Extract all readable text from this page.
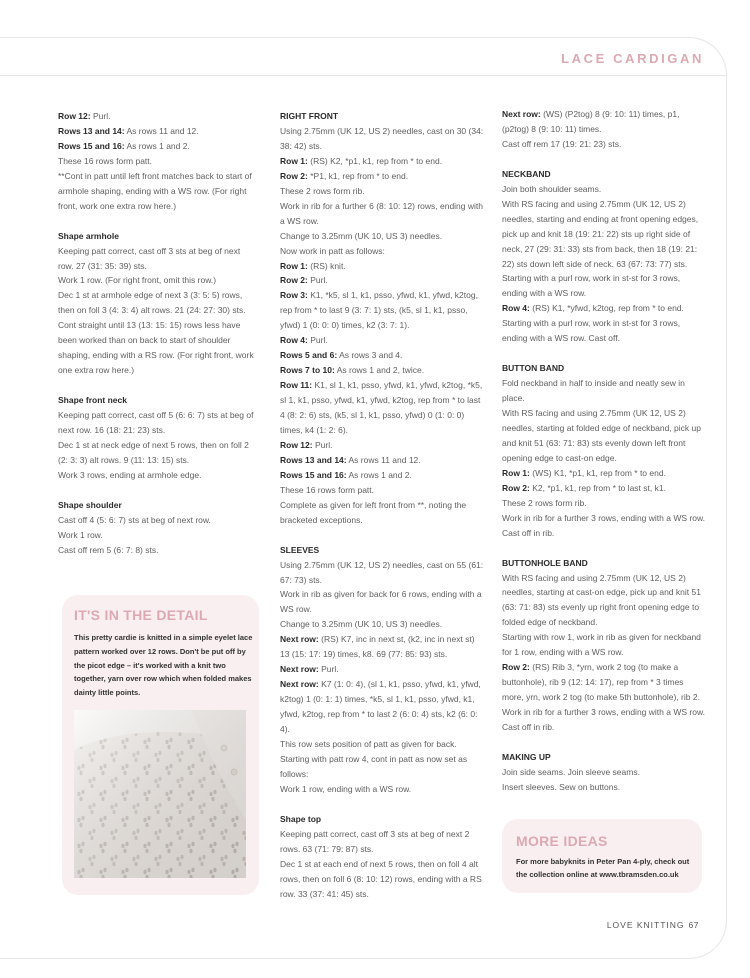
LACE CARDIGAN

Row 12: Purl.

Rows 13 and 14: As rows 11 and 12.

Rows 15 and 16: As rows 1 and 2.

These 16 rows form patt.

**Cont in patt until left front matches back to start of armhole shaping, ending with a WS row. (For right front, work one extra row here.)

Shape armhole

Keeping patt correct, cast off 3 sts at beg of next row. 27 (31: 35: 39) sts.

Work 1 row. (For right front, omit this row.)

Dec 1 st at armhole edge of next 3 (3: 5: 5) rows, then on foll 3 (4: 3: 4) alt rows. 21 (24: 27: 30) sts.

Cont straight until 13 (13: 15: 15) rows less have been worked than on back to start of shoulder shaping, ending with a RS row. (For right front, work one extra row here.)

Shape front neck

Keeping patt correct, cast off 5 (6: 6: 7) sts at beg of next row. 16 (18: 21: 23) sts.

Dec 1 st at neck edge of next 5 rows, then on foll 2 (2: 3: 3) alt rows. 9 (11: 13: 15) sts.

Work 3 rows, ending at armhole edge.

Shape shoulder

Cast off 4 (5: 6: 7) sts at beg of next row.

Work 1 row.

Cast off rem 5 (6: 7: 8) sts.

RIGHT FRONT

Using 2.75mm (UK 12, US 2) needles, cast on 30 (34: 38: 42) sts.

Row 1: (RS) K2, *p1, k1, rep from * to end.

Row 2: *P1, k1, rep from * to end.

These 2 rows form rib.

Work in rib for a further 6 (8: 10: 12) rows, ending with a WS row.

Change to 3.25mm (UK 10, US 3) needles.

Now work in patt as follows:

Row 1: (RS) knit.

Row 2: Purl.

Row 3: K1, *k5, sl 1, k1, psso, yfwd, k1, yfwd, k2tog, rep from * to last 9 (3: 7: 1) sts, (k5, sl 1, k1, psso, yfwd) 1 (0: 0: 0) times, k2 (3: 7: 1).

Row 4: Purl.

Rows 5 and 6: As rows 3 and 4.

Rows 7 to 10: As rows 1 and 2, twice.

Row 11: K1, sl 1, k1, psso, yfwd, k1, yfwd, k2tog, *k5, sl 1, k1, psso, yfwd, k1, yfwd, k2tog, rep from * to last 4 (8: 2: 6) sts, (k5, sl 1, k1, psso, yfwd) 0 (1: 0: 0) times, k4 (1: 2: 6).

Row 12: Purl.

Rows 13 and 14: As rows 11 and 12.

Rows 15 and 16: As rows 1 and 2.

These 16 rows form patt.

Complete as given for left front from **, noting the bracketed exceptions.

SLEEVES

Using 2.75mm (UK 12, US 2) needles, cast on 55 (61: 67: 73) sts.

Work in rib as given for back for 6 rows, ending with a WS row.

Change to 3.25mm (UK 10, US 3) needles.

Next row: (RS) K7, inc in next st, (k2, inc in next st) 13 (15: 17: 19) times, k8. 69 (77: 85: 93) sts.

Next row: Purl.

Next row: K7 (1: 0: 4), (sl 1, k1, psso, yfwd, k1, yfwd, k2tog) 1 (0: 1: 1) times, *k5, sl 1, k1, psso, yfwd, k1, yfwd, k2tog, rep from * to last 2 (6: 0: 4) sts, k2 (6: 0: 4).

This row sets position of patt as given for back. Starting with patt row 4, cont in patt as now set as follows:

Work 1 row, ending with a WS row.

Shape top

Keeping patt correct, cast off 3 sts at beg of next 2 rows. 63 (71: 79: 87) sts.

Dec 1 st at each end of next 5 rows, then on foll 4 alt rows, then on foll 6 (8: 10: 12) rows, ending with a RS row. 33 (37: 41: 45) sts.

Next row: (WS) (P2tog) 8 (9: 10: 11) times, p1, (p2tog) 8 (9: 10: 11) times.

Cast off rem 17 (19: 21: 23) sts.

NECKBAND

Join both shoulder seams.

With RS facing and using 2.75mm (UK 12, US 2) needles, starting and ending at front opening edges, pick up and knit 18 (19: 21: 22) sts up right side of neck, 27 (29: 31: 33) sts from back, then 18 (19: 21: 22) sts down left side of neck. 63 (67: 73: 77) sts.

Starting with a purl row, work in st-st for 3 rows, ending with a WS row.

Row 4: (RS) K1, *yfwd, k2tog, rep from * to end.

Starting with a purl row, work in st-st for 3 rows, ending with a WS row. Cast off.

BUTTON BAND

Fold neckband in half to inside and neatly sew in place.

With RS facing and using 2.75mm (UK 12, US 2) needles, starting at folded edge of neckband, pick up and knit 51 (63: 71: 83) sts evenly down left front opening edge to cast-on edge.

Row 1: (WS) K1, *p1, k1, rep from * to end.

Row 2: K2, *p1, k1, rep from * to last st, k1.

These 2 rows form rib.

Work in rib for a further 3 rows, ending with a WS row. Cast off in rib.

BUTTONHOLE BAND

With RS facing and using 2.75mm (UK 12, US 2) needles, starting at cast-on edge, pick up and knit 51 (63: 71: 83) sts evenly up right front opening edge to folded edge of neckband.

Starting with row 1, work in rib as given for neckband for 1 row, ending with a WS row.

Row 2: (RS) Rib 3, *yrn, work 2 tog (to make a buttonhole), rib 9 (12: 14: 17), rep from * 3 times more, yrn, work 2 tog (to make 5th buttonhole), rib 2. Work in rib for a further 3 rows, ending with a WS row. Cast off in rib.

MAKING UP

Join side seams. Join sleeve seams.

Insert sleeves. Sew on buttons.

IT'S IN THE DETAIL
This pretty cardie is knitted in a simple eyelet lace pattern worked over 12 rows. Don't be put off by the picot edge – it's worked with a knit two together, yarn over row which when folded makes dainty little points.
MORE IDEAS
For more babyknits in Peter Pan 4-ply, check out the collection online at www.tbramsden.co.uk
LOVE KNITTING 67
